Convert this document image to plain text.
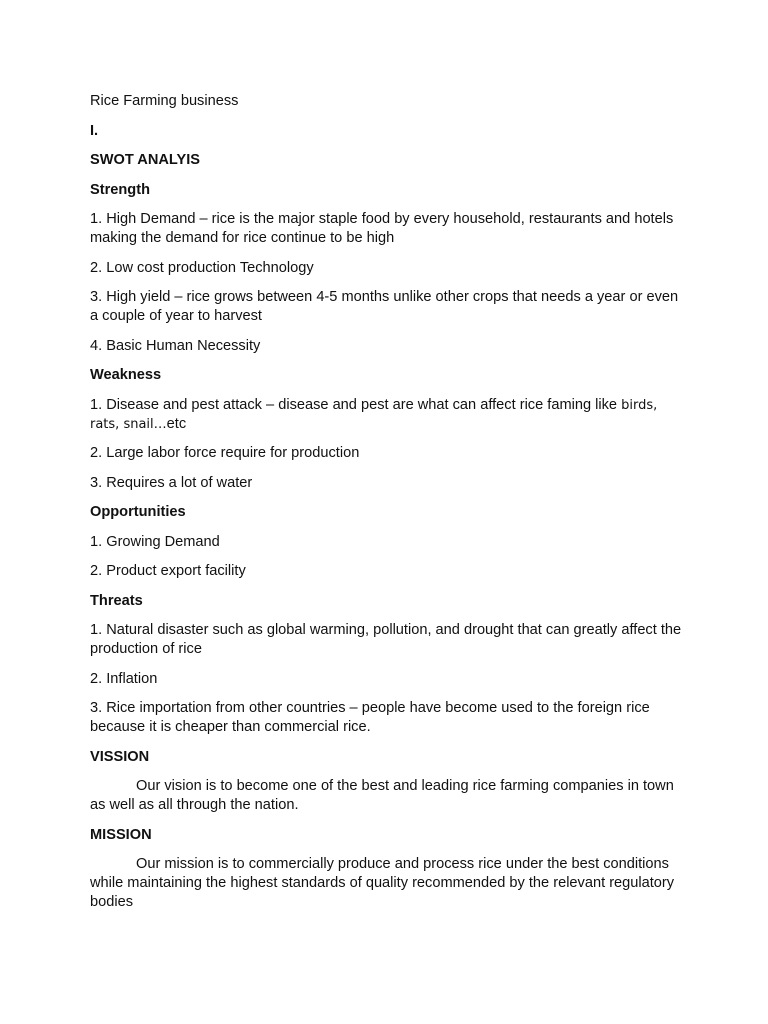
Rice Farming business

I.

SWOT ANALYIS

Strength

1. High Demand – rice is the major staple food by every household, restaurants and hotels making the demand for rice continue to be high

2. Low cost production Technology

3. High yield – rice grows between 4-5 months unlike other crops that needs a year or even a couple of year to harvest

4. Basic Human Necessity

Weakness

1. Disease and pest attack – disease and pest are what can affect rice faming like birds, rats, snail…etc

2. Large labor force require for production

3. Requires a lot of water

Opportunities

1. Growing Demand

2. Product export facility

Threats

1. Natural disaster such as global warming, pollution, and drought that can greatly affect the production of rice

2. Inflation

3. Rice importation from other countries – people have become used to the foreign rice because it is cheaper than commercial rice.

VISSION

Our vision is to become one of the best and leading rice farming companies in town as well as all through the nation.

MISSION

Our mission is to commercially produce and process rice under the best conditions while maintaining the highest standards of quality recommended by the relevant regulatory bodies
